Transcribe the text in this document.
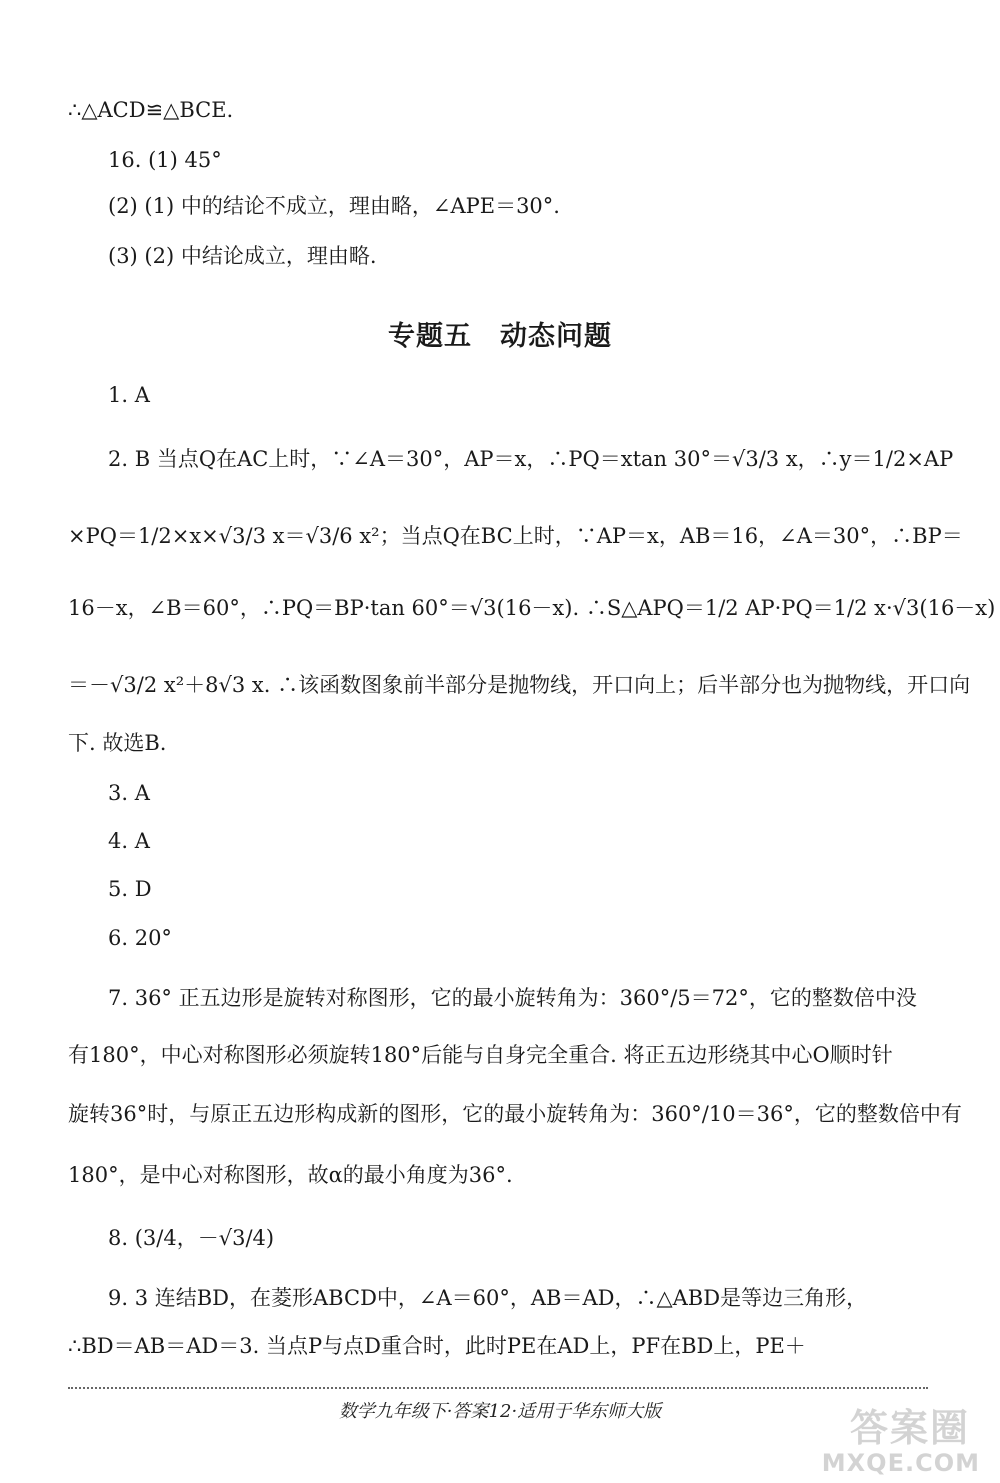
∴△ACD≌△BCE.
16. (1) 45°
(2) (1) 中的结论不成立，理由略，∠APE＝30°.
(3) (2) 中结论成立，理由略.
专题五　动态问题
1. A
2. B 当点Q在AC上时，∵∠A＝30°，AP＝x，∴PQ＝xtan 30°＝√3/3 x，∴y＝1/2×AP
×PQ＝1/2×x×√3/3 x＝√3/6 x²；当点Q在BC上时，∵AP＝x，AB＝16，∠A＝30°，∴BP＝
16－x，∠B＝60°，∴PQ＝BP·tan 60°＝√3(16－x). ∴S△APQ＝1/2 AP·PQ＝1/2 x·√3(16－x)
＝－√3/2 x²＋8√3 x. ∴该函数图象前半部分是抛物线，开口向上；后半部分也为抛物线，开口向
下. 故选B.
3. A
4. A
5. D
6. 20°
7. 36° 正五边形是旋转对称图形，它的最小旋转角为：360°/5＝72°，它的整数倍中没
有180°，中心对称图形必须旋转180°后能与自身完全重合. 将正五边形绕其中心O顺时针
旋转36°时，与原正五边形构成新的图形，它的最小旋转角为：360°/10＝36°，它的整数倍中有
180°，是中心对称图形，故α的最小角度为36°.
8. (3/4，－√3/4)
9. 3 连结BD，在菱形ABCD中，∠A＝60°，AB＝AD，∴△ABD是等边三角形，
∴BD＝AB＝AD＝3. 当点P与点D重合时，此时PE在AD上，PF在BD上，PE＋
数学九年级下·答案12·适用于华东师大版	答案圈
MXQE.COM
